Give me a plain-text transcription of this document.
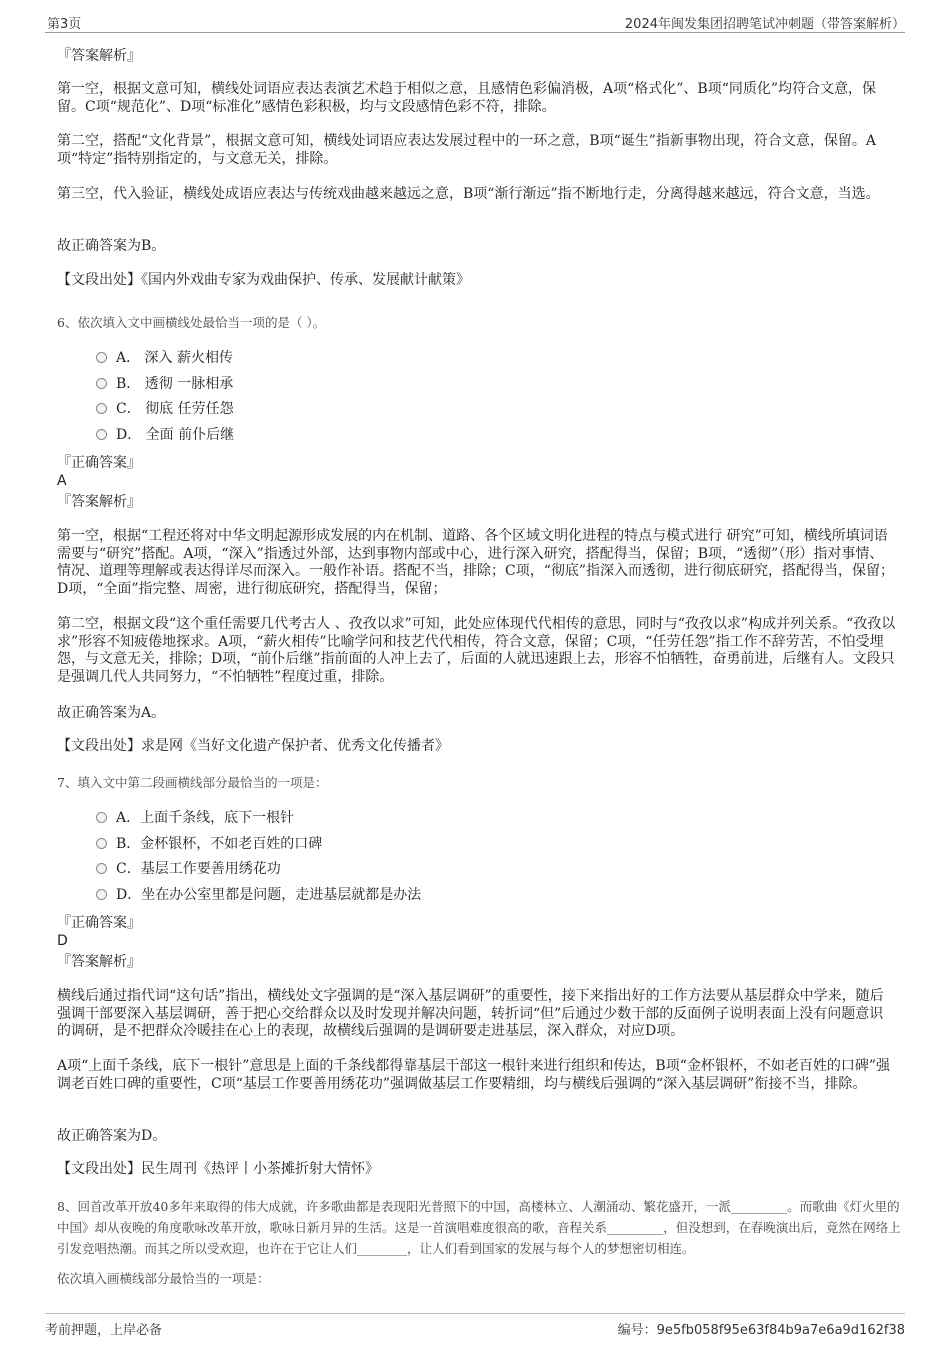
第3页	2024年闽发集团招聘笔试冲刺题（带答案解析）
『答案解析』

第一空，根据文意可知，横线处词语应表达表演艺术趋于相似之意，且感情色彩偏消极，A项“格式化”、B项“同质化”均符合文意，保留。C项“规范化”、D项“标准化”感情色彩积极，均与文段感情色彩不符，排除。

第二空，搭配“文化背景”，根据文意可知，横线处词语应表达发展过程中的一环之意，B项“诞生”指新事物出现，符合文意，保留。A项“特定”指特别指定的，与文意无关，排除。

第三空，代入验证，横线处成语应表达与传统戏曲越来越远之意，B项“渐行渐远”指不断地行走，分离得越来越远，符合文意，当选。

故正确答案为B。
【文段出处】《国内外戏曲专家为戏曲保护、传承、发展献计献策》
6、依次填入文中画横线处最恰当一项的是（ ）。
A． 深入 薪火相传
B． 透彻 一脉相承
C． 彻底 任劳任怨
D． 全面 前仆后继
『正确答案』
A
『答案解析』

第一空，根据“工程还将对中华文明起源形成发展的内在机制、道路、各个区域文明化进程的特点与模式进行 研究”可知，横线所填词语需要与“研究”搭配。A项，“深入”指透过外部，达到事物内部或中心，进行深入研究，搭配得当，保留；B项，“透彻”（形）指对事情、情况、道理等理解或表达得详尽而深入。一般作补语。搭配不当，排除；C项，“彻底”指深入而透彻，进行彻底研究，搭配得当，保留；D项，“全面”指完整、周密，进行彻底研究，搭配得当，保留；

第二空，根据文段“这个重任需要几代考古人 、孜孜以求”可知，此处应体现代代相传的意思，同时与“孜孜以求”构成并列关系。“孜孜以求”形容不知疲倦地探求。A项，“薪火相传”比喻学问和技艺代代相传，符合文意，保留；C项，“任劳任怨”指工作不辞劳苦，不怕受埋怨，与文意无关，排除；D项，“前仆后继”指前面的人冲上去了，后面的人就迅速跟上去，形容不怕牺牲，奋勇前进，后继有人。文段只是强调几代人共同努力，“不怕牺牲”程度过重，排除。

故正确答案为A。
【文段出处】求是网《当好文化遗产保护者、优秀文化传播者》
7、填入文中第二段画横线部分最恰当的一项是：
A．上面千条线，底下一根针
B．金杯银杯，不如老百姓的口碑
C．基层工作要善用绣花功
D．坐在办公室里都是问题，走进基层就都是办法
『正确答案』
D
『答案解析』

横线后通过指代词“这句话”指出，横线处文字强调的是“深入基层调研”的重要性，接下来指出好的工作方法要从基层群众中学来，随后强调干部要深入基层调研，善于把心交给群众以及时发现并解决问题，转折词“但”后通过少数干部的反面例子说明表面上没有问题意识的调研，是不把群众冷暖挂在心上的表现，故横线后强调的是调研要走进基层，深入群众，对应D项。

A项“上面千条线，底下一根针”意思是上面的千条线都得靠基层干部这一根针来进行组织和传达，B项“金杯银杯，不如老百姓的口碑”强调老百姓口碑的重要性，C项“基层工作要善用绣花功”强调做基层工作要精细，均与横线后强调的“深入基层调研”衔接不当，排除。

故正确答案为D。
【文段出处】民生周刊《热评丨小茶摊折射大情怀》

8、回首改革开放40多年来取得的伟大成就，许多歌曲都是表现阳光普照下的中国，高楼林立、人潮涌动、繁花盛开，一派_________。而歌曲《灯火里的中国》却从夜晚的角度歌咏改革开放，歌咏日新月异的生活。这是一首演唱难度很高的歌，音程关系_________，但没想到，在春晚演出后，竟然在网络上引发竞唱热潮。而其之所以受欢迎，也许在于它让人们________，让人们看到国家的发展与每个人的梦想密切相连。

依次填入画横线部分最恰当的一项是：
考前押题，上岸必备	编号：9e5fb058f95e63f84b9a7e6a9d162f38
